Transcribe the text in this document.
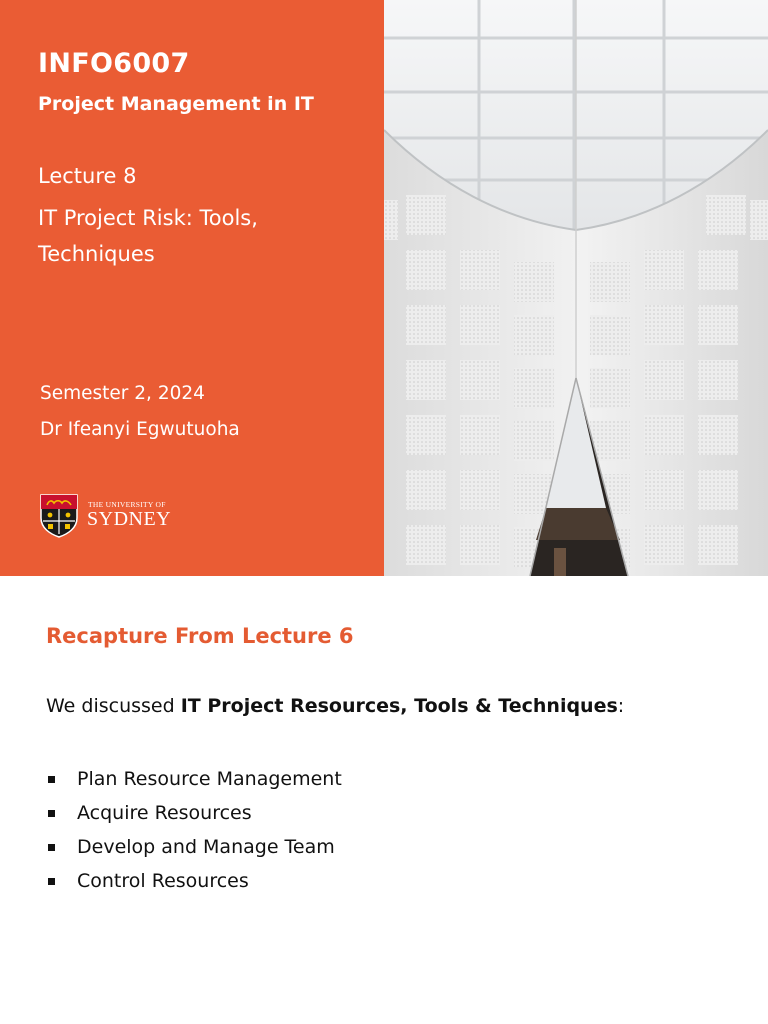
INFO6007
Project Management in IT
Lecture 8
IT Project Risk: Tools, Techniques
Semester 2, 2024
Dr Ifeanyi Egwutuoha
THE UNIVERSITY OF
SYDNEY
Recapture From Lecture 6
We discussed IT Project Resources, Tools & Techniques:
Plan Resource Management
Acquire Resources
Develop and Manage Team
Control Resources
